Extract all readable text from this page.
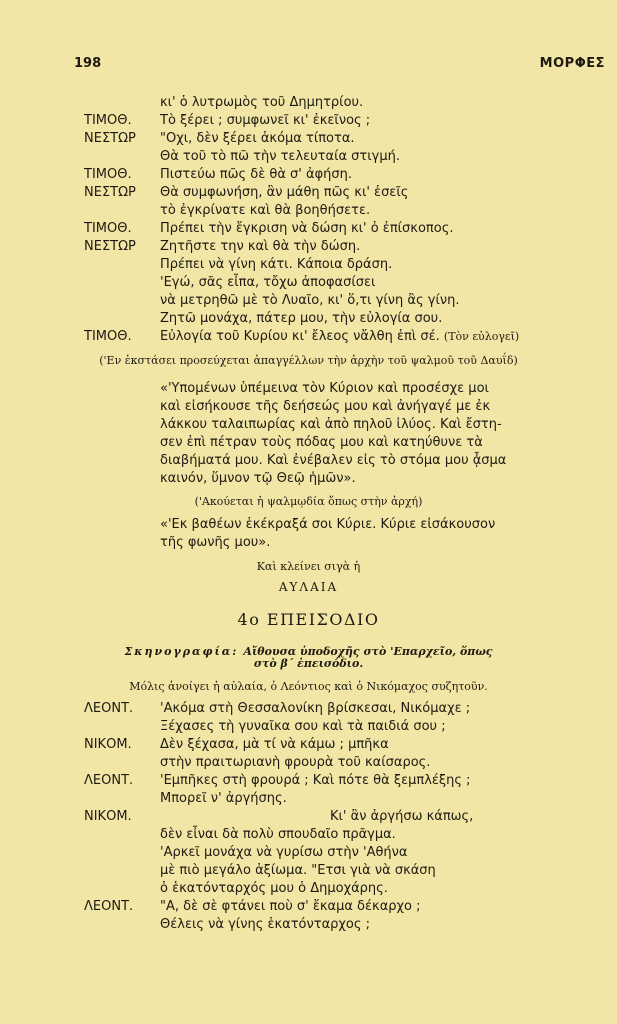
198	ΜΟΡΦΕΣ
κι' ὁ λυτρωμὸς τοῦ Δημητρίου.
ΤΙΜΟΘ. Τὸ ξέρει ; συμφωνεῖ κι' ἐκεῖνος ;
ΝΕΣΤΩΡ "Οχι, δὲν ξέρει ἀκόμα τίποτα.
Θὰ τοῦ τὸ πῶ τὴν τελευταία στιγμή.
ΤΙΜΟΘ. Πιστεύω πῶς δὲ θὰ σ' ἀφήση.
ΝΕΣΤΩΡ Θὰ συμφωνήση, ἂν μάθη πῶς κι' ἐσεῖς
τὸ ἐγκρίνατε καὶ θὰ βοηθήσετε.
ΤΙΜΟΘ. Πρέπει τὴν ἔγκριση νὰ δώση κι' ὁ ἐπίσκοπος.
ΝΕΣΤΩΡ Ζητῆστε την καὶ θὰ τὴν δώση.
Πρέπει νὰ γίνη κάτι. Κάποια δράση.
'Εγώ, σᾶς εἶπα, τὄχω ἀποφασίσει
νὰ μετρηθῶ μὲ τὸ Λυαῖο, κι' ὅ,τι γίνη ἂς γίνη.
Ζητῶ μονάχα, πάτερ μου, τὴν εὐλογία σου.
ΤΙΜΟΘ. Εὐλογία τοῦ Κυρίου κι' ἔλεος νἄλθη ἐπὶ σέ. (Τὸν εὐλογεῖ)
('Εν ἐκστάσει προσεύχεται ἀπαγγέλλων τὴν ἀρχὴν τοῦ ψαλμοῦ τοῦ Δαυΐδ)
«'Υπομένων ὑπέμεινα τὸν Κύριον καὶ προσέσχε μοι
καὶ εἰσήκουσε τῆς δεήσεώς μου καὶ ἀνήγαγέ με ἐκ
λάκκου ταλαιπωρίας καὶ ἀπὸ πηλοῦ ἰλύος. Καὶ ἔστη-
σεν ἐπὶ πέτραν τοὺς πόδας μου καὶ κατηύθυνε τὰ
διαβήματά μου. Καὶ ἐνέβαλεν εἰς τὸ στόμα μου ᾆσμα
καινόν, ὕμνον τῷ Θεῷ ἡμῶν».
('Ακούεται ἡ ψαλμῳδία ὅπως στὴν ἀρχή)
«'Εκ βαθέων ἐκέκραξά σοι Κύριε. Κύριε εἰσάκουσον
τῆς φωνῆς μου».
Καὶ κλείνει σιγὰ ἡ
ΑΥΛΑΙΑ
4ο ΕΠΕΙΣΟΔΙΟ
Σκηνογραφία: Αἴθουσα ὑποδοχῆς στὸ 'Επαρχεῖο, ὅπως
στὸ β΄ ἐπεισόδιο.
Μόλις ἀνοίγει ἡ αὐλαία, ὁ Λεόντιος καὶ ὁ Νικόμαχος συζητοῦν.
ΛΕΟΝΤ. 'Ακόμα στὴ Θεσσαλονίκη βρίσκεσαι, Νικόμαχε ;
Ξέχασες τὴ γυναῖκα σου καὶ τὰ παιδιά σου ;
ΝΙΚΟΜ. Δὲν ξέχασα, μὰ τί νὰ κάμω ; μπῆκα
στὴν πραιτωριανὴ φρουρὰ τοῦ καίσαρος.
ΛΕΟΝΤ. 'Εμπῆκες στὴ φρουρά ; Καὶ πότε θὰ ξεμπλέξης ;
Μπορεῖ ν' ἀργήσης.
ΝΙΚΟΜ.	Κι' ἂν ἀργήσω κάπως,
δὲν εἶναι δὰ πολὺ σπουδαῖο πρᾶγμα.
'Αρκεῖ μονάχα νὰ γυρίσω στὴν 'Αθήνα
μὲ πιὸ μεγάλο ἀξίωμα. "Ετσι γιὰ νὰ σκάση
ὁ ἑκατόνταρχός μου ὁ Δημοχάρης.
ΛΕΟΝΤ. "Α, δὲ σὲ φτάνει ποὺ σ' ἔκαμα δέκαρχο ;
Θέλεις νὰ γίνης ἑκατόνταρχος ;
